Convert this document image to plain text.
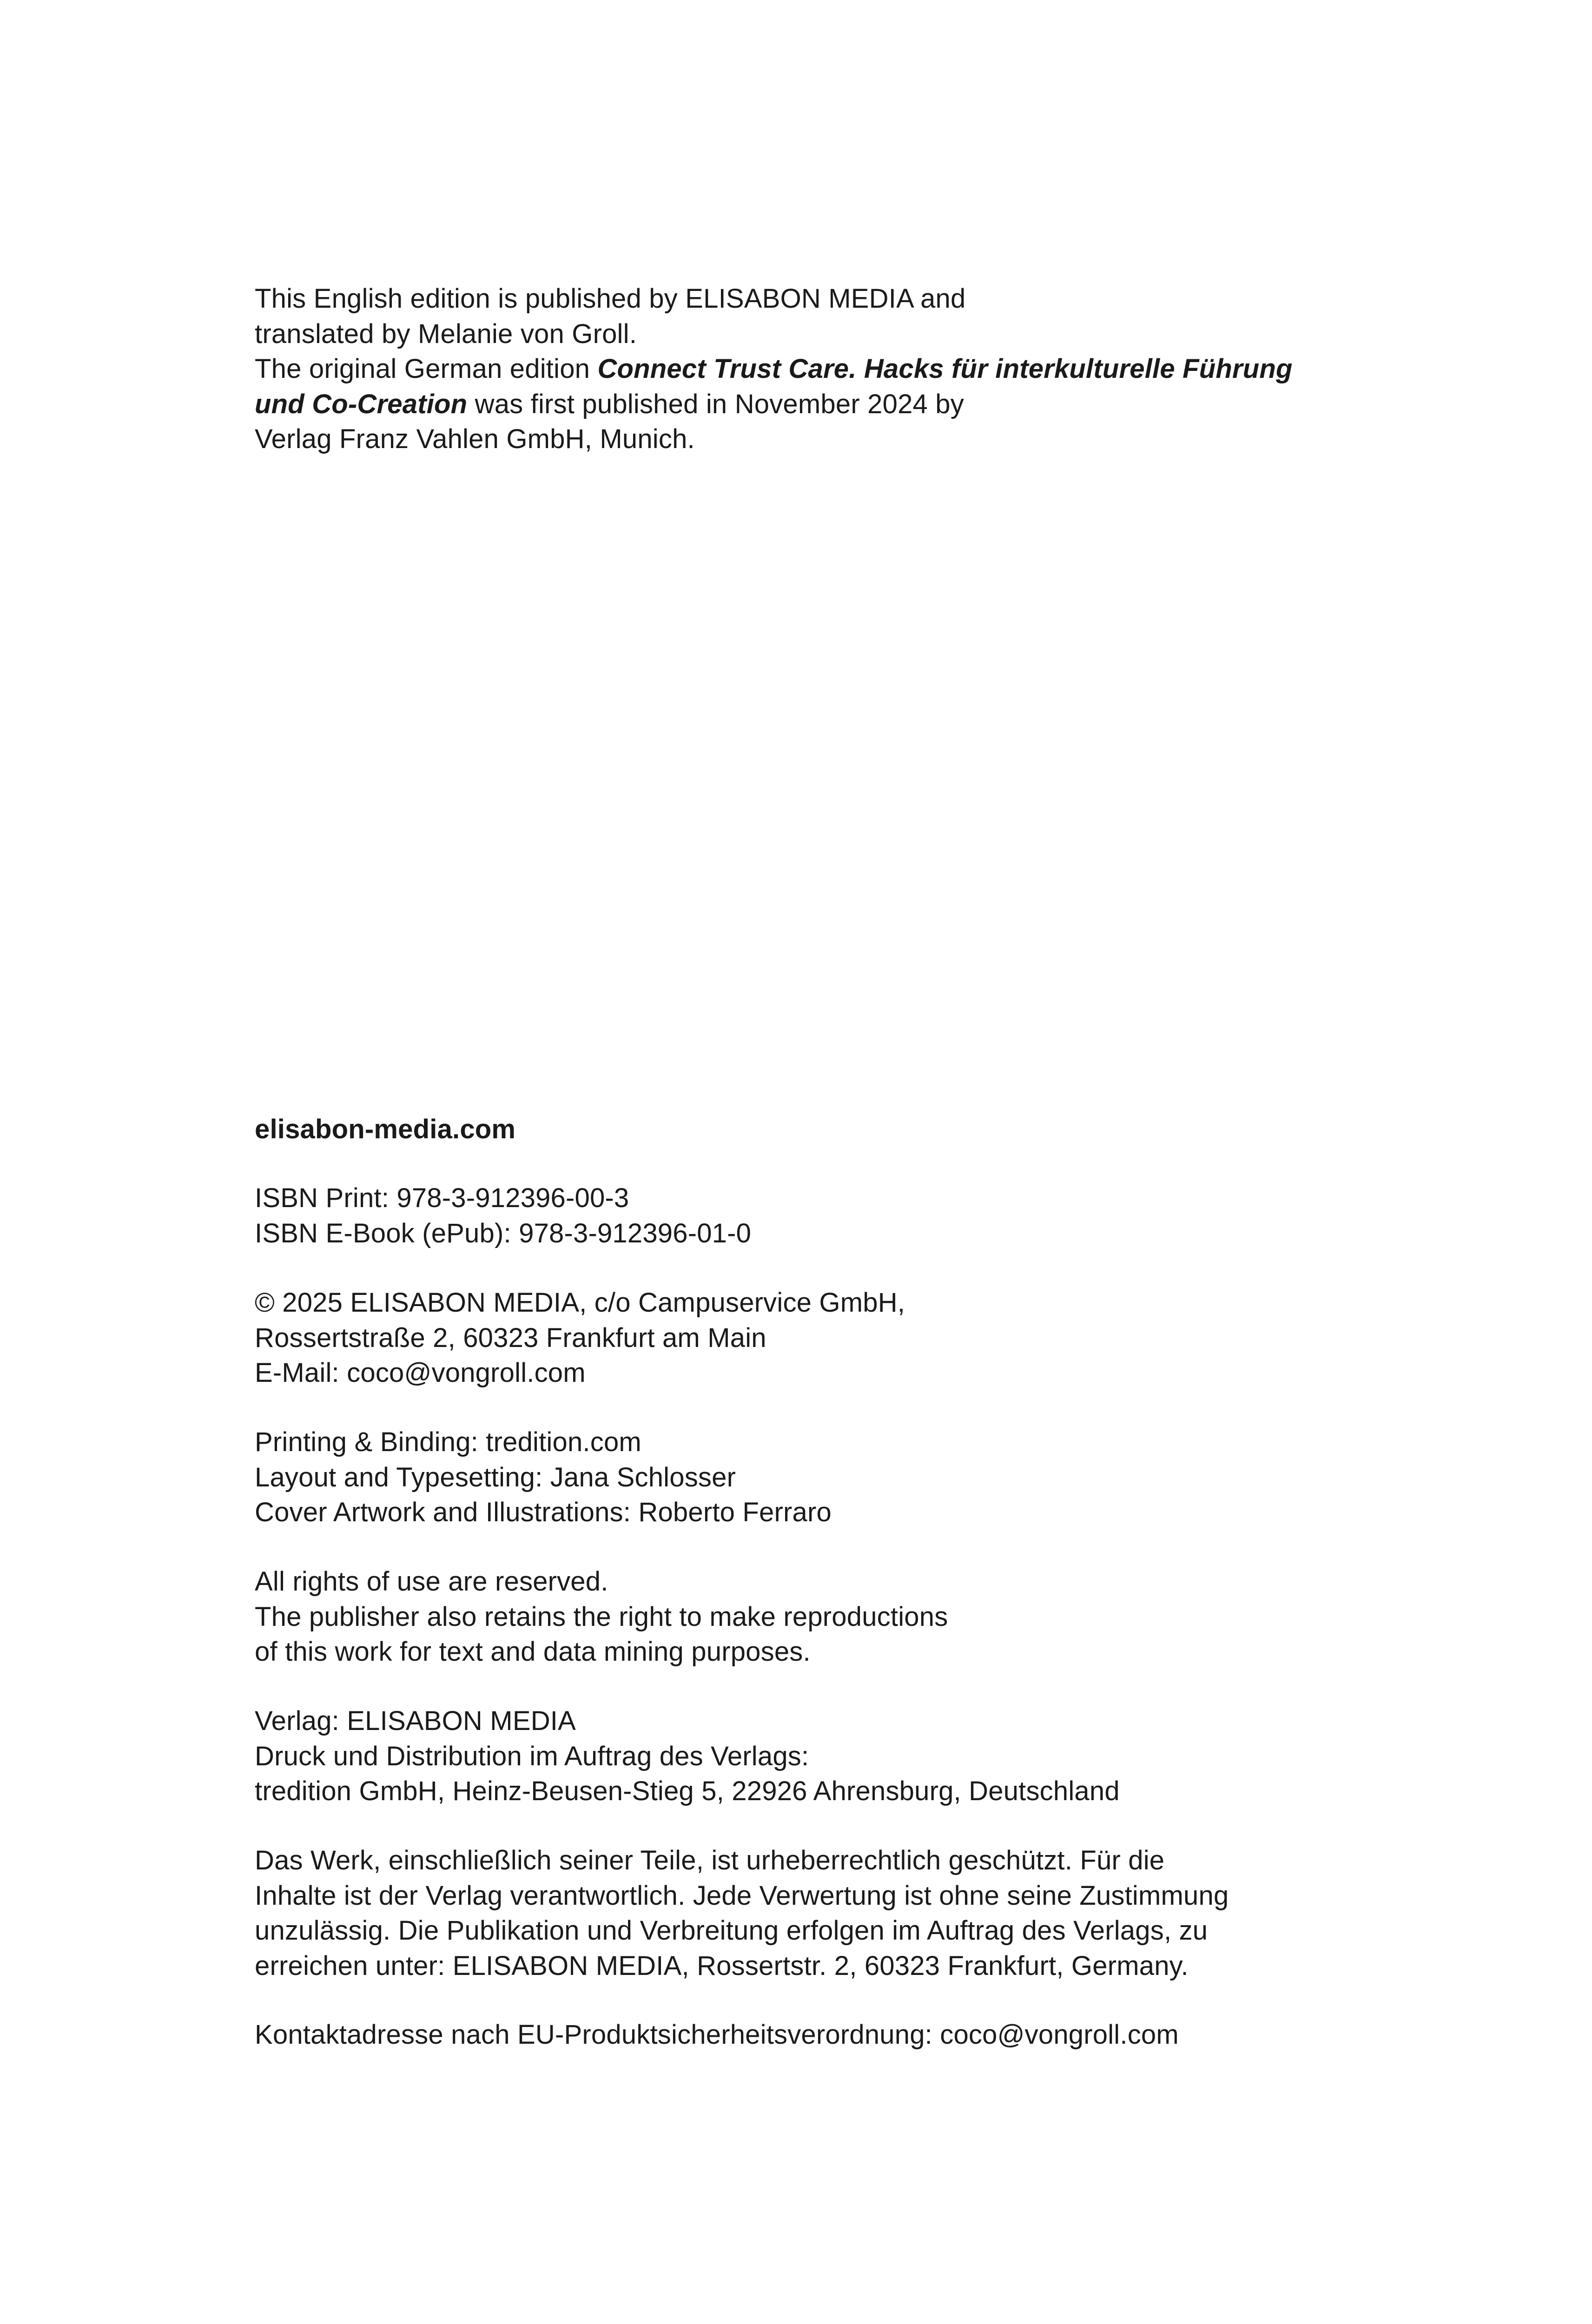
This English edition is published by ELISABON MEDIA and
translated by Melanie von Groll.
The original German edition Connect Trust Care. Hacks für interkulturelle Führung
und Co-Creation was first published in November 2024 by
Verlag Franz Vahlen GmbH, Munich.
elisabon-media.com
ISBN Print: 978-3-912396-00-3
ISBN E-Book (ePub): 978-3-912396-01-0
© 2025 ELISABON MEDIA, c/o Campuservice GmbH,
Rossertstraße 2, 60323 Frankfurt am Main
E-Mail: coco@vongroll.com
Printing & Binding: tredition.com
Layout and Typesetting: Jana Schlosser
Cover Artwork and Illustrations: Roberto Ferraro
All rights of use are reserved.
The publisher also retains the right to make reproductions
of this work for text and data mining purposes.
Verlag: ELISABON MEDIA
Druck und Distribution im Auftrag des Verlags:
tredition GmbH, Heinz-Beusen-Stieg 5, 22926 Ahrensburg, Deutschland
Das Werk, einschließlich seiner Teile, ist urheberrechtlich geschützt. Für die
Inhalte ist der Verlag verantwortlich. Jede Verwertung ist ohne seine Zustimmung
unzulässig. Die Publikation und Verbreitung erfolgen im Auftrag des Verlags, zu
erreichen unter: ELISABON MEDIA, Rossertstr. 2, 60323 Frankfurt, Germany.
Kontaktadresse nach EU-Produktsicherheitsverordnung: coco@vongroll.com
